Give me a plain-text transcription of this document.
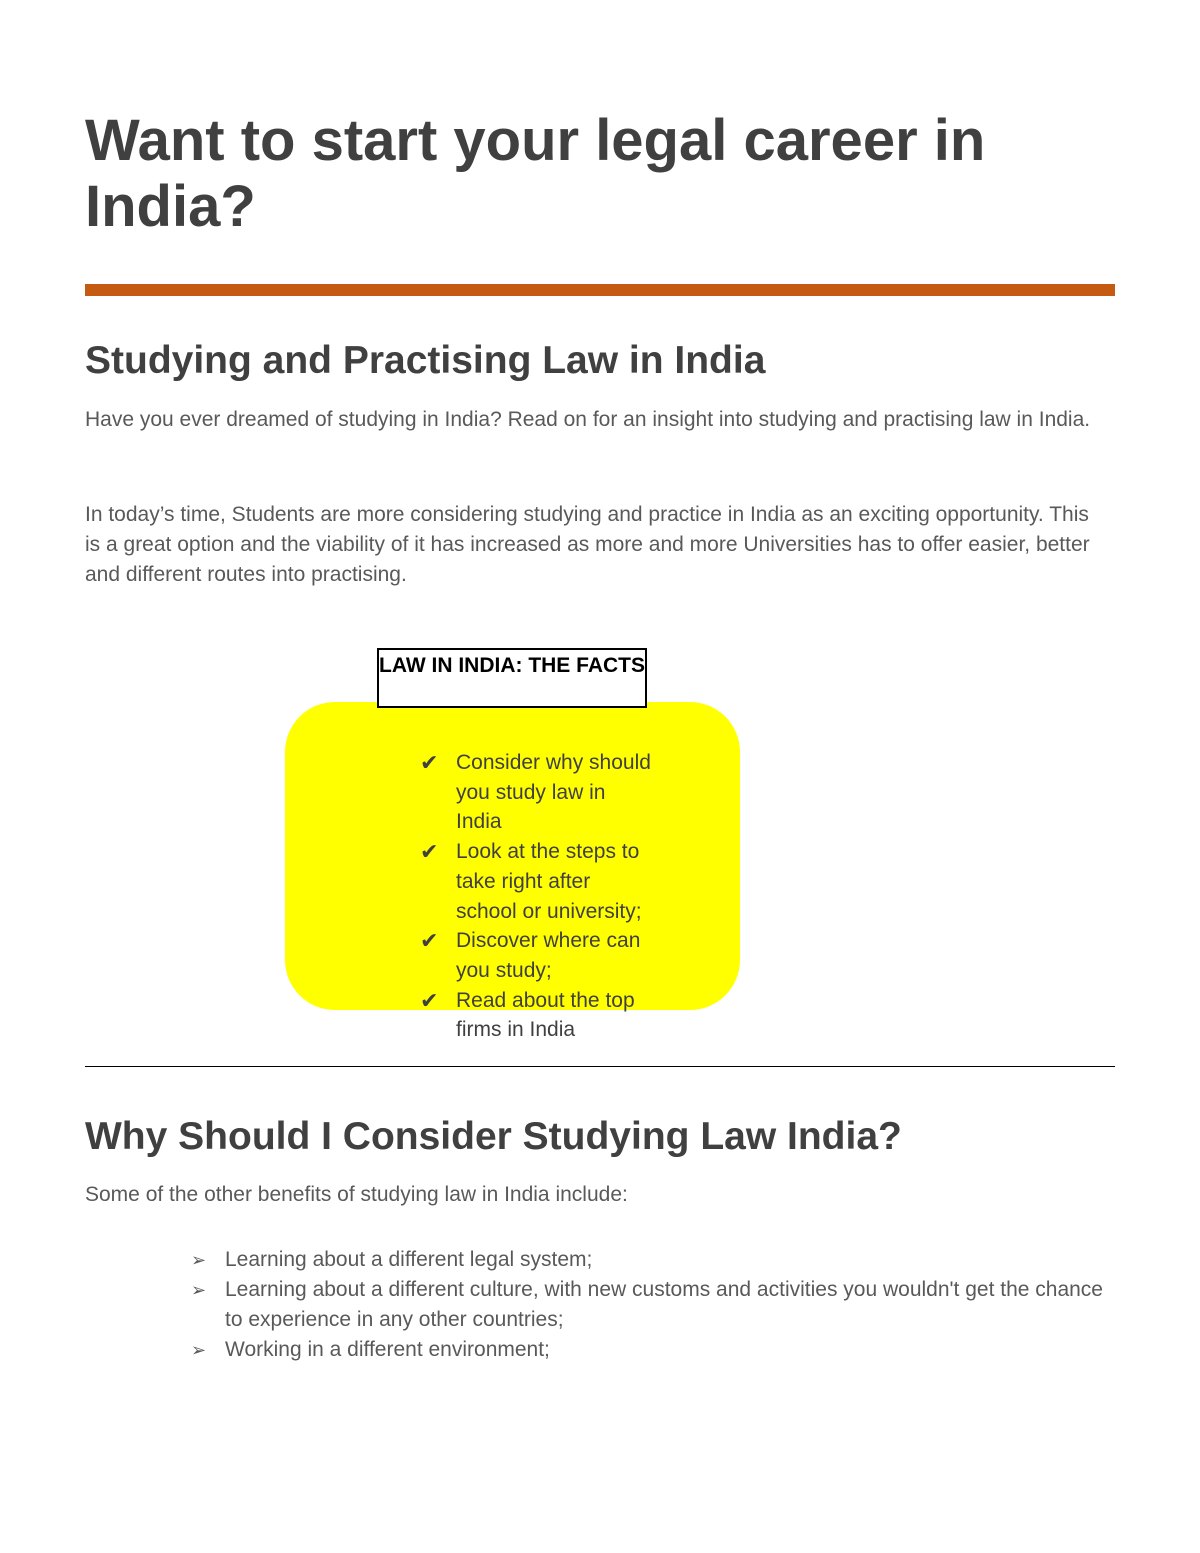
Want to start your legal career in India?
Studying and Practising Law in India

Have you ever dreamed of studying in India? Read on for an insight into studying and practising law in India.

In today’s time, Students are more considering studying and practice in India as an exciting opportunity. This is a great option and the viability of it has increased as more and more Universities has to offer easier, better and different routes into practising.

LAW IN INDIA: THE FACTS
✔ Consider why should you study law in India
✔ Look at the steps to take right after school or university;
✔ Discover where can you study;
✔ Read about the top firms in India
Why Should I Consider Studying Law India?

Some of the other benefits of studying law in India include:

➢ Learning about a different legal system;
➢ Learning about a different culture, with new customs and activities you wouldn't get the chance to experience in any other countries;
➢ Working in a different environment;
